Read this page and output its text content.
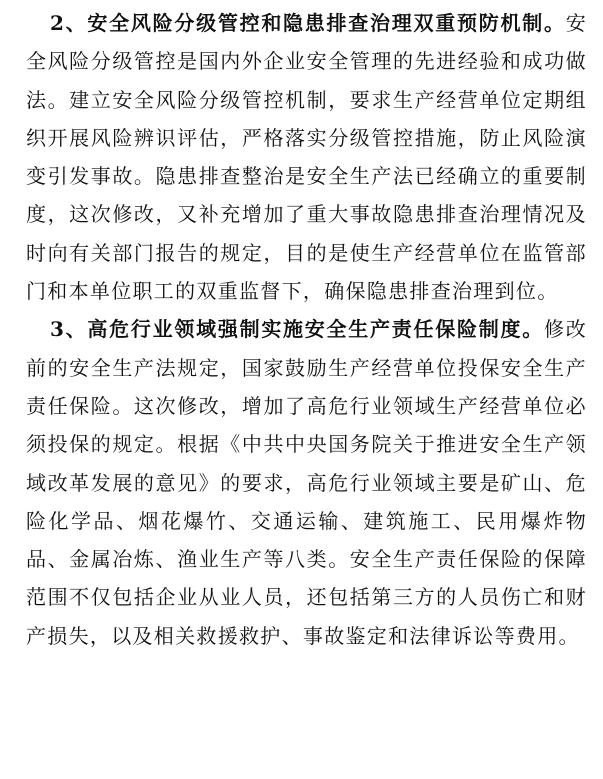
2、安全风险分级管控和隐患排查治理双重预防机制。安全风险分级管控是国内外企业安全管理的先进经验和成功做法。建立安全风险分级管控机制，要求生产经营单位定期组织开展风险辨识评估，严格落实分级管控措施，防止风险演变引发事故。隐患排查整治是安全生产法已经确立的重要制度，这次修改，又补充增加了重大事故隐患排查治理情况及时向有关部门报告的规定，目的是使生产经营单位在监管部门和本单位职工的双重监督下，确保隐患排查治理到位。

3、高危行业领域强制实施安全生产责任保险制度。修改前的安全生产法规定，国家鼓励生产经营单位投保安全生产责任保险。这次修改，增加了高危行业领域生产经营单位必须投保的规定。根据《中共中央国务院关于推进安全生产领域改革发展的意见》的要求，高危行业领域主要是矿山、危险化学品、烟花爆竹、交通运输、建筑施工、民用爆炸物品、金属冶炼、渔业生产等八类。安全生产责任保险的保障范围不仅包括企业从业人员，还包括第三方的人员伤亡和财产损失，以及相关救援救护、事故鉴定和法律诉讼等费用。
